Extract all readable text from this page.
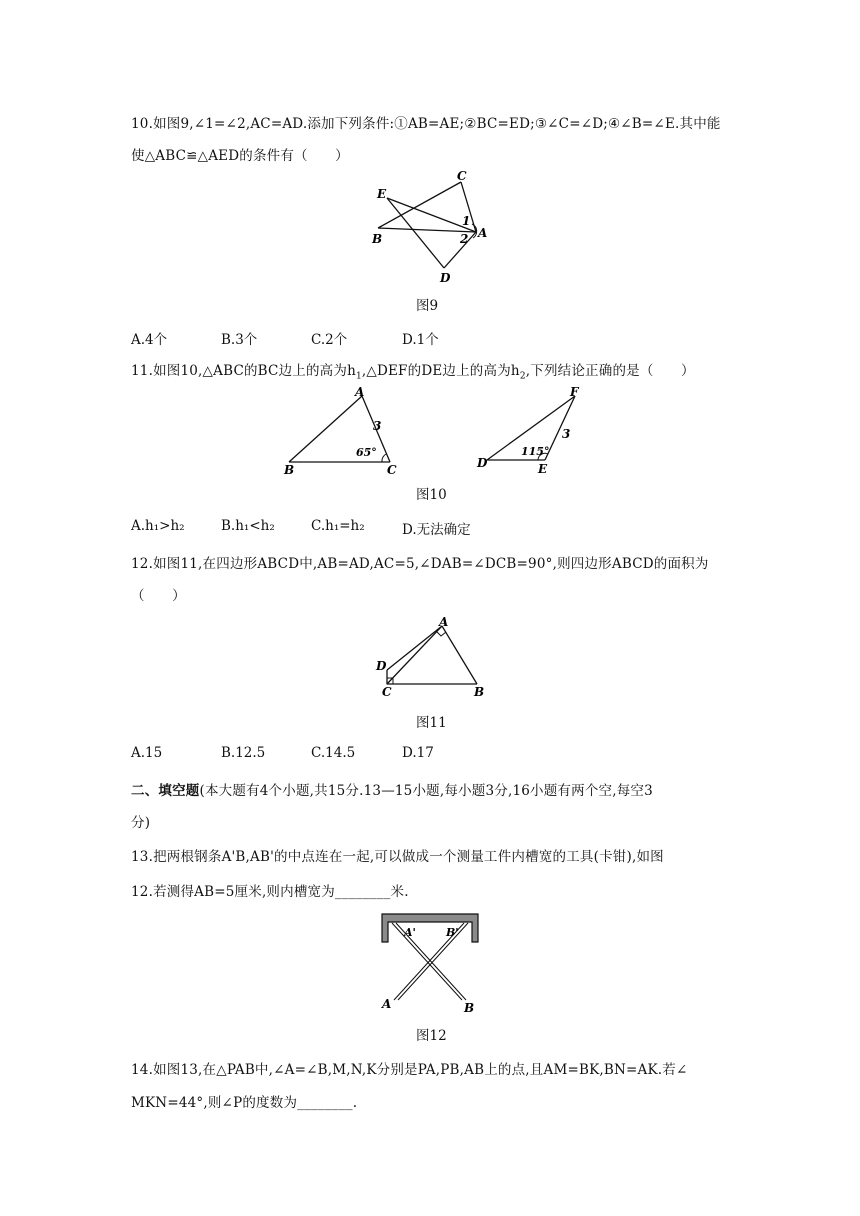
10.如图9,∠1=∠2,AC=AD.添加下列条件:①AB=AE;②BC=ED;③∠C=∠D;④∠B=∠E.其中能
使△ABC≌△AED的条件有（　　）
E
C
1
B	2 A
D
图9
A.4个	B.3个	C.2个	D.1个
11.如图10,△ABC的BC边上的高为$h_1,\triangle DEF$的DE边上的高为$h_2$,下列结论正确的是（　　）
A
3
65°
B	C
F
3
115°
D	E
图10
A.h₁>h₂	B.h₁<h₂	C.h₁=h₂	D.无法确定
12.如图11,在四边形ABCD中,AB=AD,AC=5,∠DAB=∠DCB=90°,则四边形ABCD的面积为
（　　）
A
D
C	B
图11
A.15	B.12.5	C.14.5	D.17
二、填空题(本大题有4个小题,共15分.13—15小题,每小题3分,16小题有两个空,每空3
分)
13.把两根钢条A'B,AB'的中点连在一起,可以做成一个测量工件内槽宽的工具(卡钳),如图
12.若测得AB=5厘米,则内槽宽为________米.
A'	B'
A	B
图12
14.如图13,在△PAB中,∠A=∠B,M,N,K分别是PA,PB,AB上的点,且AM=BK,BN=AK.若∠
MKN=44°,则∠P的度数为________.
